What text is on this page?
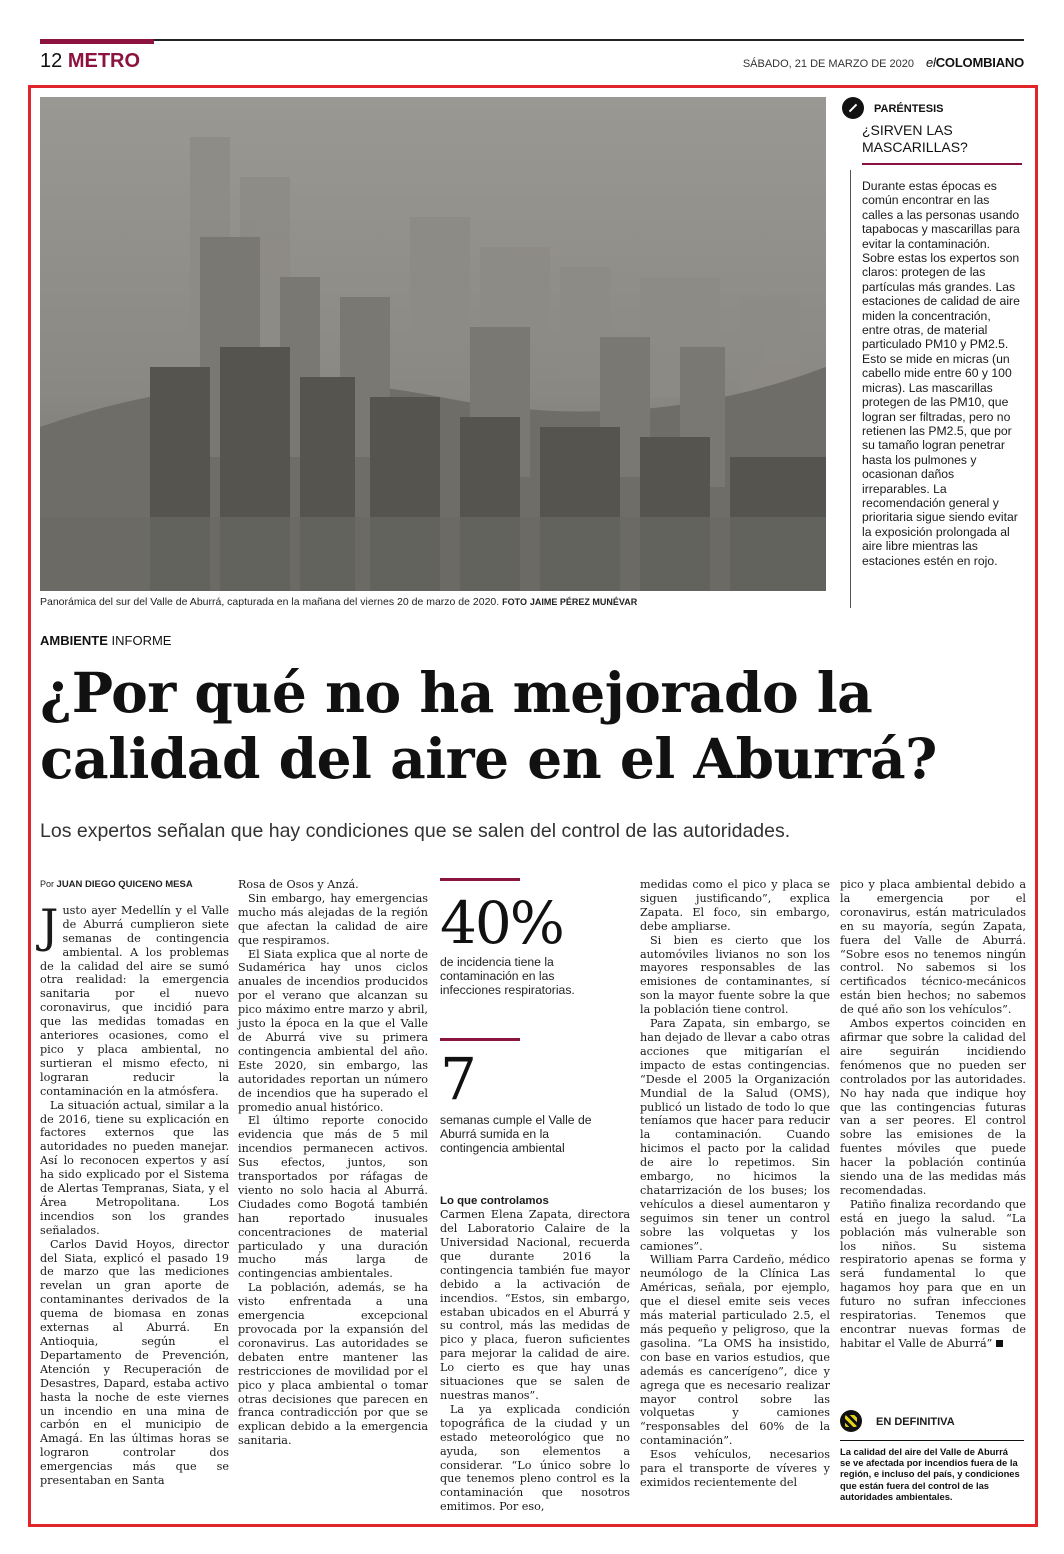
12 METRO	SÁBADO, 21 DE MARZO DE 2020 elCOLOMBIANO
Panorámica del sur del Valle de Aburrá, capturada en la mañana del viernes 20 de marzo de 2020. FOTO JAIME PÉREZ MUNÉVAR
PARÉNTESIS
¿SIRVEN LAS MASCARILLAS?
Durante estas épocas es común encontrar en las calles a las personas usando tapabocas y mascarillas para evitar la contaminación. Sobre estas los expertos son claros: protegen de las partículas más grandes. Las estaciones de calidad de aire miden la concentración, entre otras, de material particulado PM10 y PM2.5. Esto se mide en micras (un cabello mide entre 60 y 100 micras). Las mascarillas protegen de las PM10, que logran ser filtradas, pero no retienen las PM2.5, que por su tamaño logran penetrar hasta los pulmones y ocasionan daños irreparables. La recomendación general y prioritaria sigue siendo evitar la exposición prolongada al aire libre mientras las estaciones estén en rojo.
AMBIENTE INFORME
¿Por qué no ha mejorado la calidad del aire en el Aburrá?
Los expertos señalan que hay condiciones que se salen del control de las autoridades.
Por JUAN DIEGO QUICENO MESA

Justo ayer Medellín y el Valle de Aburrá cumplieron siete semanas de contingencia ambiental. A los problemas de la calidad del aire se sumó otra realidad: la emergencia sanitaria por el nuevo coronavirus, que incidió para que las medidas tomadas en anteriores ocasiones, como el pico y placa ambiental, no surtieran el mismo efecto, ni lograran reducir la contaminación en la atmósfera.

La situación actual, similar a la de 2016, tiene su explicación en factores externos que las autoridades no pueden manejar. Así lo reconocen expertos y así ha sido explicado por el Sistema de Alertas Tempranas, Siata, y el Área Metropolitana. Los incendios son los grandes señalados.

Carlos David Hoyos, director del Siata, explicó el pasado 19 de marzo que las mediciones revelan un gran aporte de contaminantes derivados de la quema de biomasa en zonas externas al Aburrá. En Antioquia, según el Departamento de Prevención, Atención y Recuperación de Desastres, Dapard, estaba activo hasta la noche de este viernes un incendio en una mina de carbón en el municipio de Amagá. En las últimas horas se lograron controlar dos emergencias más que se presentaban en Santa

Rosa de Osos y Anzá.

Sin embargo, hay emergencias mucho más alejadas de la región que afectan la calidad de aire que respiramos.

El Siata explica que al norte de Sudamérica hay unos ciclos anuales de incendios producidos por el verano que alcanzan su pico máximo entre marzo y abril, justo la época en la que el Valle de Aburrá vive su primera contingencia ambiental del año. Este 2020, sin embargo, las autoridades reportan un número de incendios que ha superado el promedio anual histórico.

El último reporte conocido evidencia que más de 5 mil incendios permanecen activos. Sus efectos, juntos, son transportados por ráfagas de viento no solo hacia al Aburrá. Ciudades como Bogotá también han reportado inusuales concentraciones de material particulado y una duración mucho más larga de contingencias ambientales.

La población, además, se ha visto enfrentada a una emergencia excepcional provocada por la expansión del coronavirus. Las autoridades se debaten entre mantener las restricciones de movilidad por el pico y placa ambiental o tomar otras decisiones que parecen en franca contradicción por que se explican debido a la emergencia sanitaria.

40%
de incidencia tiene la contaminación en las infecciones respiratorias.
7
semanas cumple el Valle de Aburrá sumida en la contingencia ambiental
Lo que controlamos

Carmen Elena Zapata, directora del Laboratorio Calaire de la Universidad Nacional, recuerda que durante 2016 la contingencia también fue mayor debido a la activación de incendios. “Estos, sin embargo, estaban ubicados en el Aburrá y su control, más las medidas de pico y placa, fueron suficientes para mejorar la calidad de aire. Lo cierto es que hay unas situaciones que se salen de nuestras manos”.

La ya explicada condición topográfica de la ciudad y un estado meteorológico que no ayuda, son elementos a considerar. “Lo único sobre lo que tenemos pleno control es la contaminación que nosotros emitimos. Por eso,

medidas como el pico y placa se siguen justificando”, explica Zapata. El foco, sin embargo, debe ampliarse.

Si bien es cierto que los automóviles livianos no son los mayores responsables de las emisiones de contaminantes, sí son la mayor fuente sobre la que la población tiene control.

Para Zapata, sin embargo, se han dejado de llevar a cabo otras acciones que mitigarían el impacto de estas contingencias. “Desde el 2005 la Organización Mundial de la Salud (OMS), publicó un listado de todo lo que teníamos que hacer para reducir la contaminación. Cuando hicimos el pacto por la calidad de aire lo repetimos. Sin embargo, no hicimos la chatarrización de los buses; los vehículos a diesel aumentaron y seguimos sin tener un control sobre las volquetas y los camiones”.

William Parra Cardeño, médico neumólogo de la Clínica Las Américas, señala, por ejemplo, que el diesel emite seis veces más material particulado 2.5, el más pequeño y peligroso, que la gasolina. “La OMS ha insistido, con base en varios estudios, que además es cancerígeno”, dice y agrega que es necesario realizar mayor control sobre las volquetas y camiones “responsables del 60% de la contaminación”.

Esos vehículos, necesarios para el transporte de víveres y eximidos recientemente del

pico y placa ambiental debido a la emergencia por el coronavirus, están matriculados en su mayoría, según Zapata, fuera del Valle de Aburrá. “Sobre esos no tenemos ningún control. No sabemos si los certificados técnico-mecánicos están bien hechos; no sabemos de qué año son los vehículos”.

Ambos expertos coinciden en afirmar que sobre la calidad del aire seguirán incidiendo fenómenos que no pueden ser controlados por las autoridades. No hay nada que indique hoy que las contingencias futuras van a ser peores. El control sobre las emisiones de la fuentes móviles que puede hacer la población continúa siendo una de las medidas más recomendadas.

Patiño finaliza recordando que está en juego la salud. “La población más vulnerable son los niños. Su sistema respiratorio apenas se forma y será fundamental lo que hagamos hoy para que en un futuro no sufran infecciones respiratorias. Tenemos que encontrar nuevas formas de habitar el Valle de Aburrá”

EN DEFINITIVA
La calidad del aire del Valle de Aburrá se ve afectada por incendios fuera de la región, e incluso del país, y condiciones que están fuera del control de las autoridades ambientales.
